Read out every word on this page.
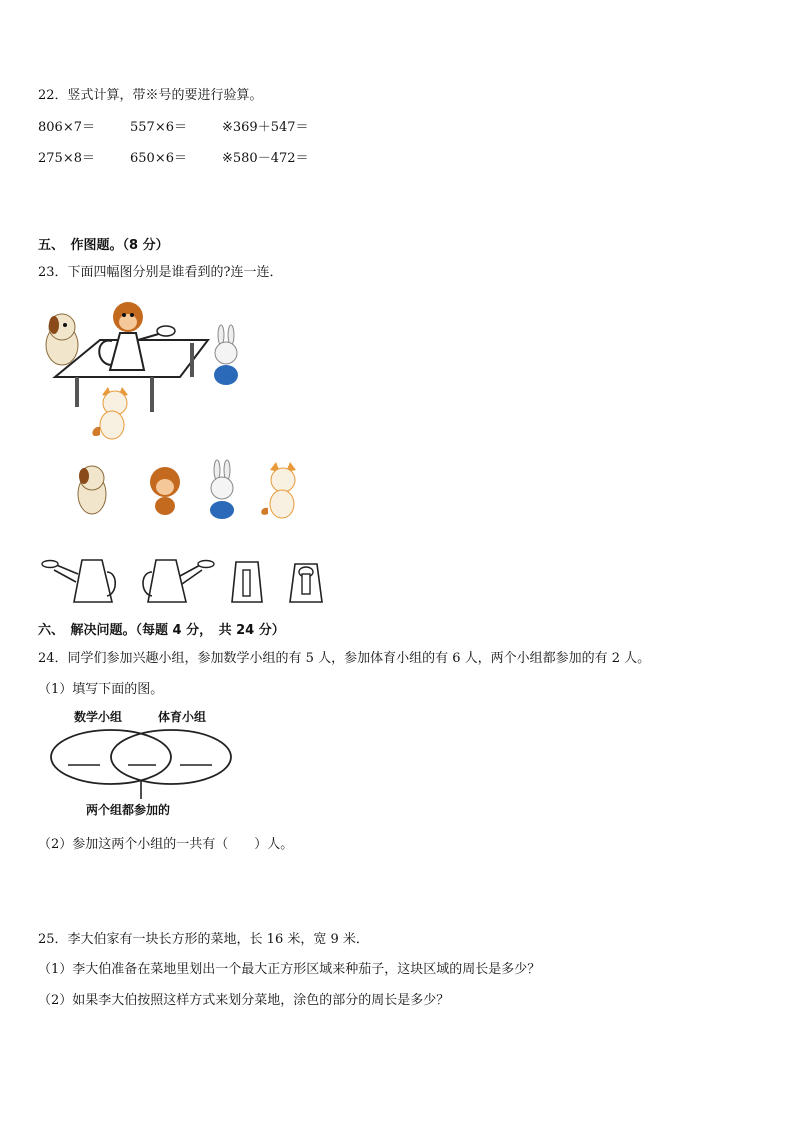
22．竖式计算，带※号的要进行验算。
806×7＝	557×6＝	※369＋547＝
275×8＝	650×6＝	※580－472＝
五、　作图题。（8 分）
23．下面四幅图分别是谁看到的?连一连．
六、　解决问题。（每题 4 分，　共 24 分）
24．同学们参加兴趣小组，参加数学小组的有 5 人，参加体育小组的有 6 人，两个小组都参加的有 2 人。
（1）填写下面的图。
数学小组	体育小组
两个组都参加的
（2）参加这两个小组的一共有（　　）人。
25．李大伯家有一块长方形的菜地，长 16 米，宽 9 米．
（1）李大伯准备在菜地里划出一个最大正方形区域来种茄子，这块区域的周长是多少？
（2）如果李大伯按照这样方式来划分菜地，涂色的部分的周长是多少？
